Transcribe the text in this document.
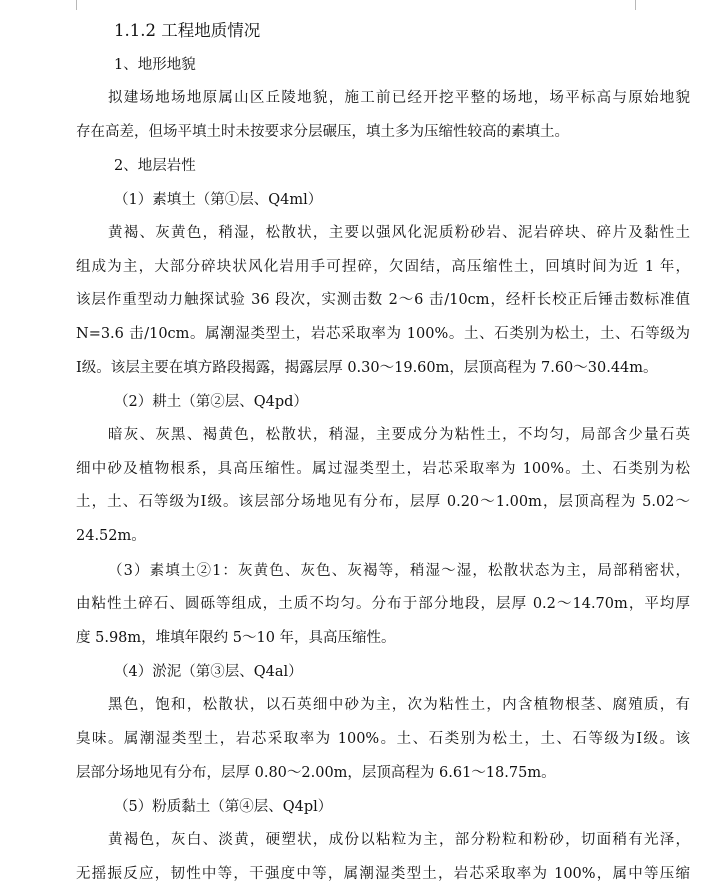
1.1.2 工程地质情况

1、地形地貌

拟建场地场地原属山区丘陵地貌，施工前已经开挖平整的场地，场平标高与原始地貌
存在高差，但场平填土时未按要求分层碾压，填土多为压缩性较高的素填土。

2、地层岩性

（1）素填土（第①层、Q4ml）

黄褐、灰黄色，稍湿，松散状，主要以强风化泥质粉砂岩、泥岩碎块、碎片及黏性土
组成为主，大部分碎块状风化岩用手可捏碎，欠固结，高压缩性土，回填时间为近 1 年，
该层作重型动力触探试验 36 段次，实测击数 2～6 击/10cm，经杆长校正后锤击数标准值
N=3.6 击/10cm。属潮湿类型土，岩芯采取率为 100%。土、石类别为松土，土、石等级为
Ⅰ级。该层主要在填方路段揭露，揭露层厚 0.30～19.60m，层顶高程为 7.60～30.44m。

（2）耕土（第②层、Q4pd）

暗灰、灰黑、褐黄色，松散状，稍湿，主要成分为粘性土，不均匀，局部含少量石英
细中砂及植物根系，具高压缩性。属过湿类型土，岩芯采取率为 100%。土、石类别为松
土，土、石等级为Ⅰ级。该层部分场地见有分布，层厚 0.20～1.00m，层顶高程为 5.02～
24.52m。
（3）素填土②1：灰黄色、灰色、灰褐等，稍湿～湿，松散状态为主，局部稍密状，
由粘性土碎石、圆砾等组成，土质不均匀。分布于部分地段，层厚 0.2～14.70m，平均厚
度 5.98m，堆填年限约 5～10 年，具高压缩性。

（4）淤泥（第③层、Q4al）

黑色，饱和，松散状，以石英细中砂为主，次为粘性土，内含植物根茎、腐殖质，有
臭味。属潮湿类型土，岩芯采取率为 100%。土、石类别为松土，土、石等级为Ⅰ级。该
层部分场地见有分布，层厚 0.80～2.00m，层顶高程为 6.61～18.75m。

（5）粉质黏土（第④层、Q4pl）

黄褐色，灰白、淡黄，硬塑状，成份以粘粒为主，部分粉粒和粉砂，切面稍有光泽，
无摇振反应，韧性中等，干强度中等，属潮湿类型土，岩芯采取率为 100%，属中等压缩
